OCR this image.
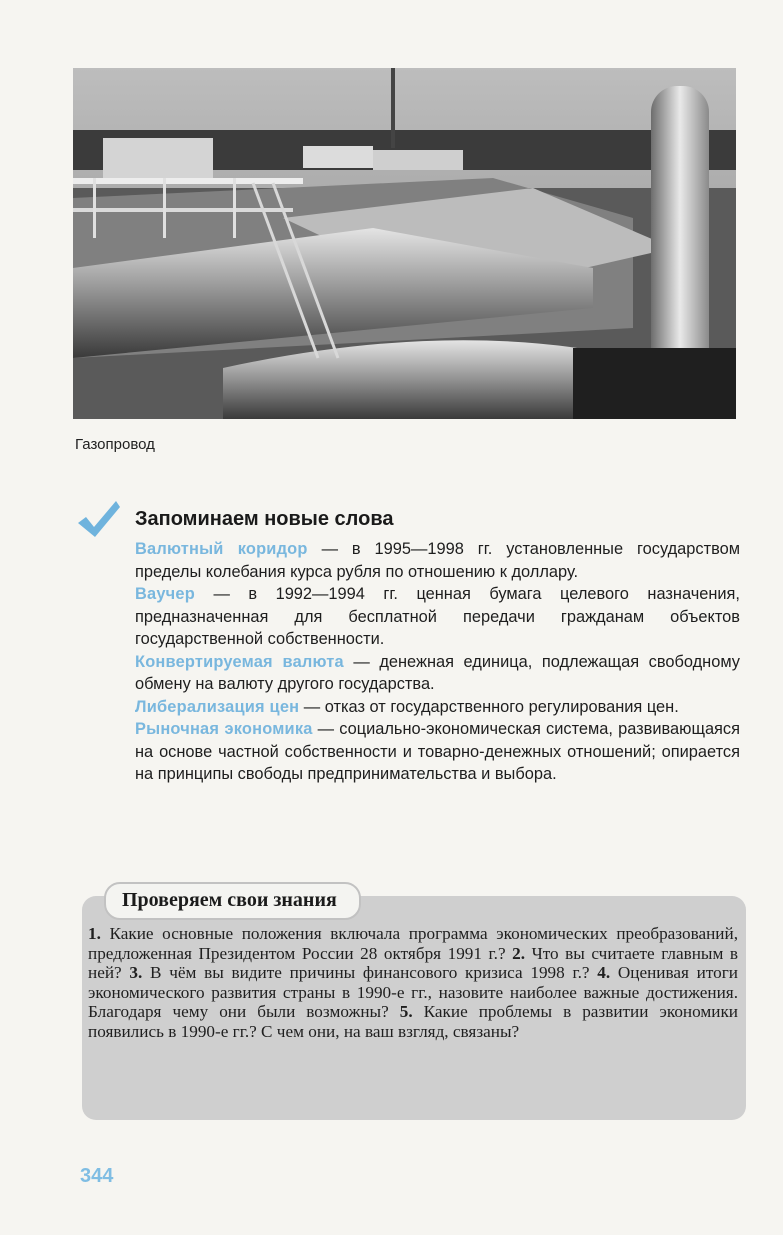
Газопровод
Запоминаем новые слова

Валютный коридор — в 1995—1998 гг. установленные государством пределы колебания курса рубля по отношению к доллару.

Ваучер — в 1992—1994 гг. ценная бумага целевого назначения, предназначенная для бесплатной передачи гражданам объектов государственной собственности.

Конвертируемая валюта — денежная единица, подлежащая свободному обмену на валюту другого государства.

Либерализация цен — отказ от государственного регулирования цен.

Рыночная экономика — социально-экономическая система, развивающаяся на основе частной собственности и товарно-денежных отношений; опирается на принципы свободы предпринимательства и выбора.

Проверяем свои знания
1. Какие основные положения включала программа экономических преобразований, предложенная Президентом России 28 октября 1991 г.? 2. Что вы считаете главным в ней? 3. В чём вы видите причины финансового кризиса 1998 г.? 4. Оценивая итоги экономического развития страны в 1990-е гг., назовите наиболее важные достижения. Благодаря чему они были возможны? 5. Какие проблемы в развитии экономики появились в 1990-е гг.? С чем они, на ваш взгляд, связаны?
344
